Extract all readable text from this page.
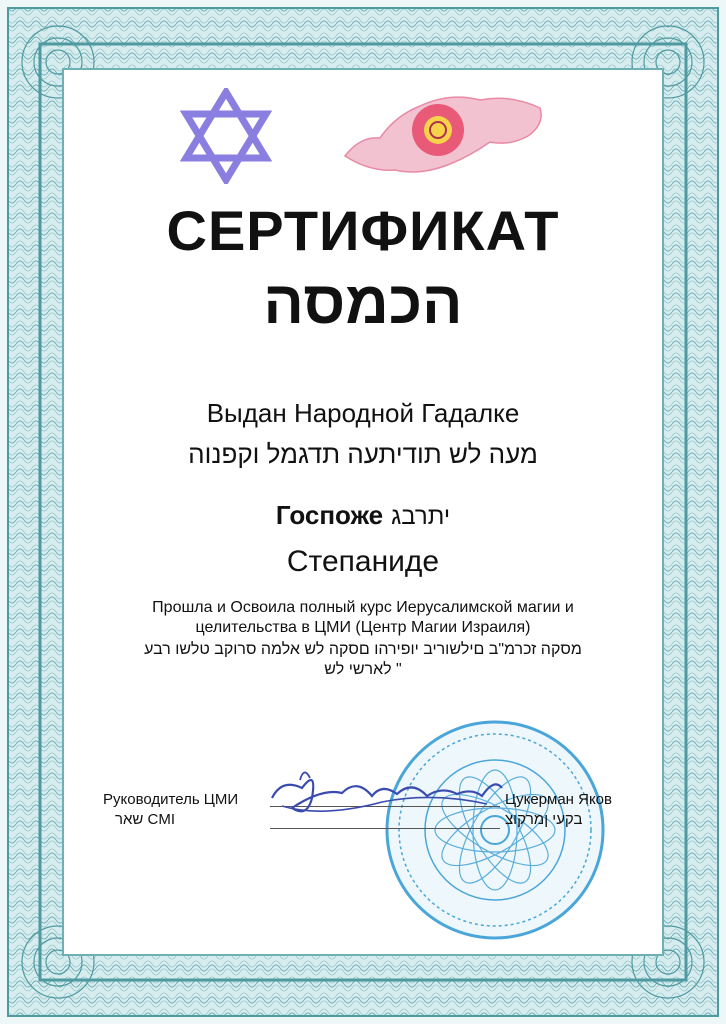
СЕРТИФИКАТ
הכמסה
Выдан Народной Гадалке
מעה לש תודיתעה תדגמל וקפנוה
Госпоже יתרבג
Степаниде
Прошла и Освоила полный курс Иерусалимской магии и
целительства в ЦМИ (Центр Магии Израиля)
מסקה זכרמ"ב םילשוריב יופירהו םסקה לש אלמה סרוקב טלשו רבע
" לארשי לש
Руководитель ЦМИ
שאר CMI
Цукерман Яков
בקעי ןמרקוצ
